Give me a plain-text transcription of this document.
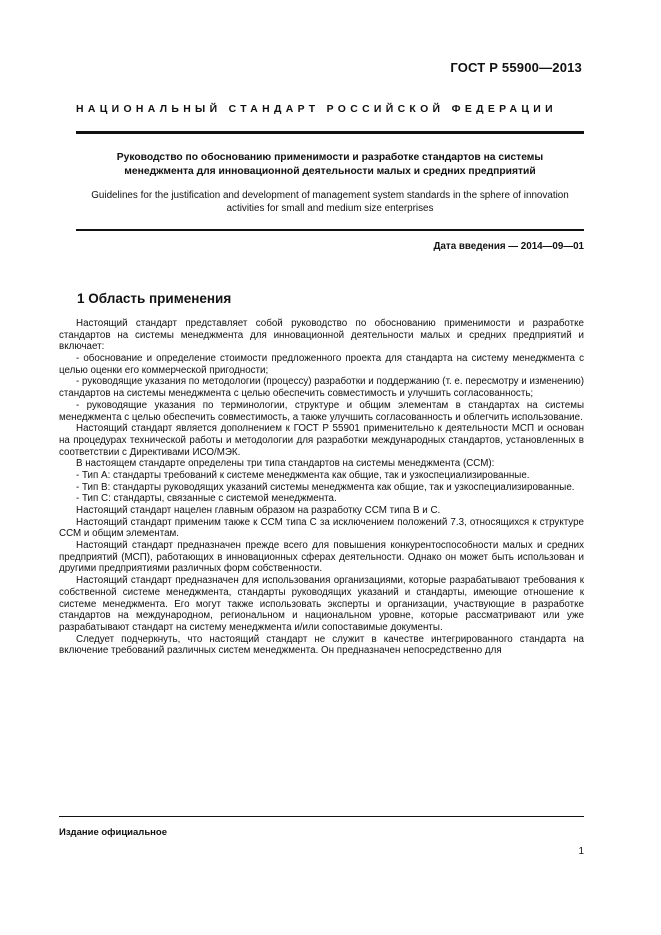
ГОСТ Р 55900—2013
НАЦИОНАЛЬНЫЙ СТАНДАРТ РОССИЙСКОЙ ФЕДЕРАЦИИ
Руководство по обоснованию применимости и разработке стандартов на системы
менеджмента для инновационной деятельности малых и средних предприятий
Guidelines for the justification and development of management system standards in the sphere of innovation
activities for small and medium size enterprises
Дата введения — 2014—09—01
1 Область применения

Настоящий стандарт представляет собой руководство по обоснованию применимости и разработке стандартов на системы менеджмента для инновационной деятельности малых и средних предприятий и включает:

- обоснование и определение стоимости предложенного проекта для стандарта на систему менеджмента с целью оценки его коммерческой пригодности;

- руководящие указания по методологии (процессу) разработки и поддержанию (т. е. пересмотру и изменению) стандартов на системы менеджмента с целью обеспечить совместимость и улучшить согласованность;

- руководящие указания по терминологии, структуре и общим элементам в стандартах на системы менеджмента с целью обеспечить совместимость, а также улучшить согласованность и облегчить использование.

Настоящий стандарт является дополнением к ГОСТ Р 55901 применительно к деятельности МСП и основан на процедурах технической работы и методологии для разработки международных стандартов, установленных в соответствии с Директивами ИСО/МЭК.

В настоящем стандарте определены три типа стандартов на системы менеджмента (ССМ):

- Тип А: стандарты требований к системе менеджмента как общие, так и узкоспециализированные.

- Тип В: стандарты руководящих указаний системы менеджмента как общие, так и узкоспециализированные.

- Тип С: стандарты, связанные с системой менеджмента.

Настоящий стандарт нацелен главным образом на разработку ССМ типа В и С.

Настоящий стандарт применим также к ССМ типа С за исключением положений 7.3, относящихся к структуре ССМ и общим элементам.

Настоящий стандарт предназначен прежде всего для повышения конкурентоспособности малых и средних предприятий (МСП), работающих в инновационных сферах деятельности. Однако он может быть использован и другими предприятиями различных форм собственности.

Настоящий стандарт предназначен для использования организациями, которые разрабатывают требования к собственной системе менеджмента, стандарты руководящих указаний и стандарты, имеющие отношение к системе менеджмента. Его могут также использовать эксперты и организации, участвующие в разработке стандартов на международном, региональном и национальном уровне, которые рассматривают или уже разрабатывают стандарт на систему менеджмента и/или сопоставимые документы.

Следует подчеркнуть, что настоящий стандарт не служит в качестве интегрированного стандарта на включение требований различных систем менеджмента. Он предназначен непосредственно для

Издание официальное
1
